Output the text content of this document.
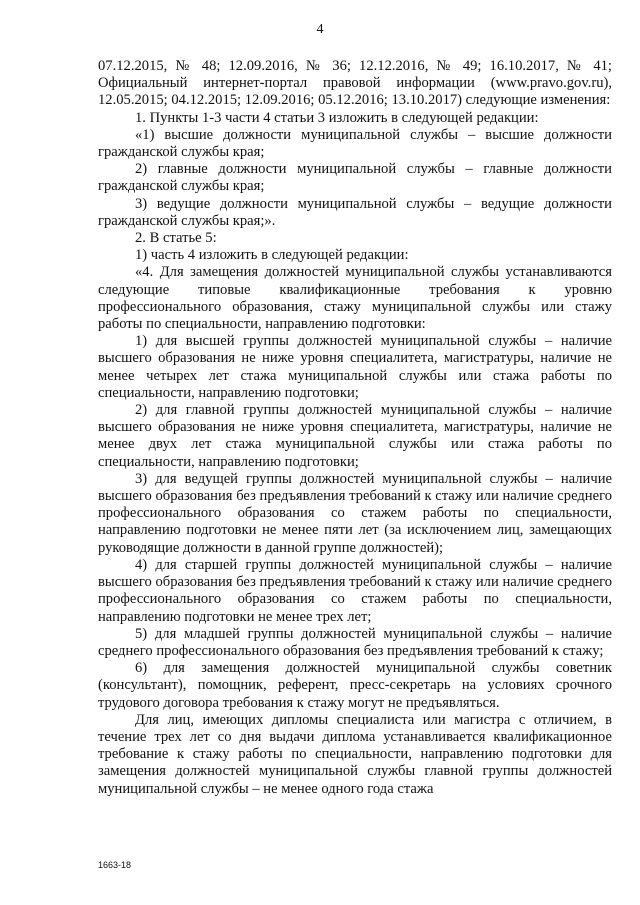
4

07.12.2015, № 48; 12.09.2016, № 36; 12.12.2016, № 49; 16.10.2017, № 41; Официальный интернет-портал правовой информации (www.pravo.gov.ru), 12.05.2015; 04.12.2015; 12.09.2016; 05.12.2016; 13.10.2017) следующие изменения:

1. Пункты 1-3 части 4 статьи 3 изложить в следующей редакции:

«1) высшие должности муниципальной службы – высшие должности гражданской службы края;

2) главные должности муниципальной службы – главные должности гражданской службы края;

3) ведущие должности муниципальной службы – ведущие должности гражданской службы края;».

2. В статье 5:

1) часть 4 изложить в следующей редакции:

«4. Для замещения должностей муниципальной службы устанавливаются следующие типовые квалификационные требования к уровню профессионального образования, стажу муниципальной службы или стажу работы по специальности, направлению подготовки:

1) для высшей группы должностей муниципальной службы – наличие высшего образования не ниже уровня специалитета, магистратуры, наличие не менее четырех лет стажа муниципальной службы или стажа работы по специальности, направлению подготовки;

2) для главной группы должностей муниципальной службы – наличие высшего образования не ниже уровня специалитета, магистратуры, наличие не менее двух лет стажа муниципальной службы или стажа работы по специальности, направлению подготовки;

3) для ведущей группы должностей муниципальной службы – наличие высшего образования без предъявления требований к стажу или наличие среднего профессионального образования со стажем работы по специальности, направлению подготовки не менее пяти лет (за исключением лиц, замещающих руководящие должности в данной группе должностей);

4) для старшей группы должностей муниципальной службы – наличие высшего образования без предъявления требований к стажу или наличие среднего профессионального образования со стажем работы по специальности, направлению подготовки не менее трех лет;

5) для младшей группы должностей муниципальной службы – наличие среднего профессионального образования без предъявления требований к стажу;

6) для замещения должностей муниципальной службы советник (консультант), помощник, референт, пресс-секретарь на условиях срочного трудового договора требования к стажу могут не предъявляться.

Для лиц, имеющих дипломы специалиста или магистра с отличием, в течение трех лет со дня выдачи диплома устанавливается квалификационное требование к стажу работы по специальности, направлению подготовки для замещения должностей муниципальной службы главной группы должностей муниципальной службы – не менее одного года стажа

1663-18
